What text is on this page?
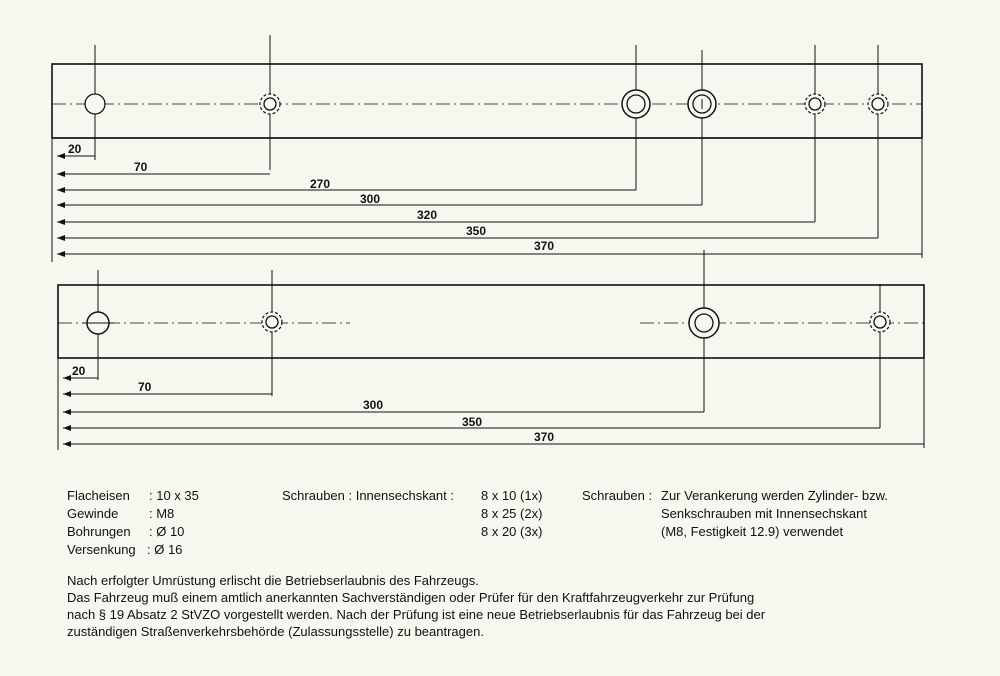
20
70
270
300
320
350
370
20
70
300
350
370
Flacheisen : 10 x 35
Gewinde : M8
Bohrungen : Ø 10
Versenkung : Ø 16
Schrauben : Innensechskant : 8 x 10 (1x)
8 x 25 (2x)
8 x 20 (3x)
Schrauben : Zur Verankerung werden Zylinder- bzw.
Senkschrauben mit Innensechskant
(M8, Festigkeit 12.9) verwendet
Nach erfolgter Umrüstung erlischt die Betriebserlaubnis des Fahrzeugs.
Das Fahrzeug muß einem amtlich anerkannten Sachverständigen oder Prüfer für den Kraftfahrzeugverkehr zur Prüfung
nach § 19 Absatz 2 StVZO vorgestellt werden. Nach der Prüfung ist eine neue Betriebserlaubnis für das Fahrzeug bei der
zuständigen Straßenverkehrsbehörde (Zulassungsstelle) zu beantragen.
